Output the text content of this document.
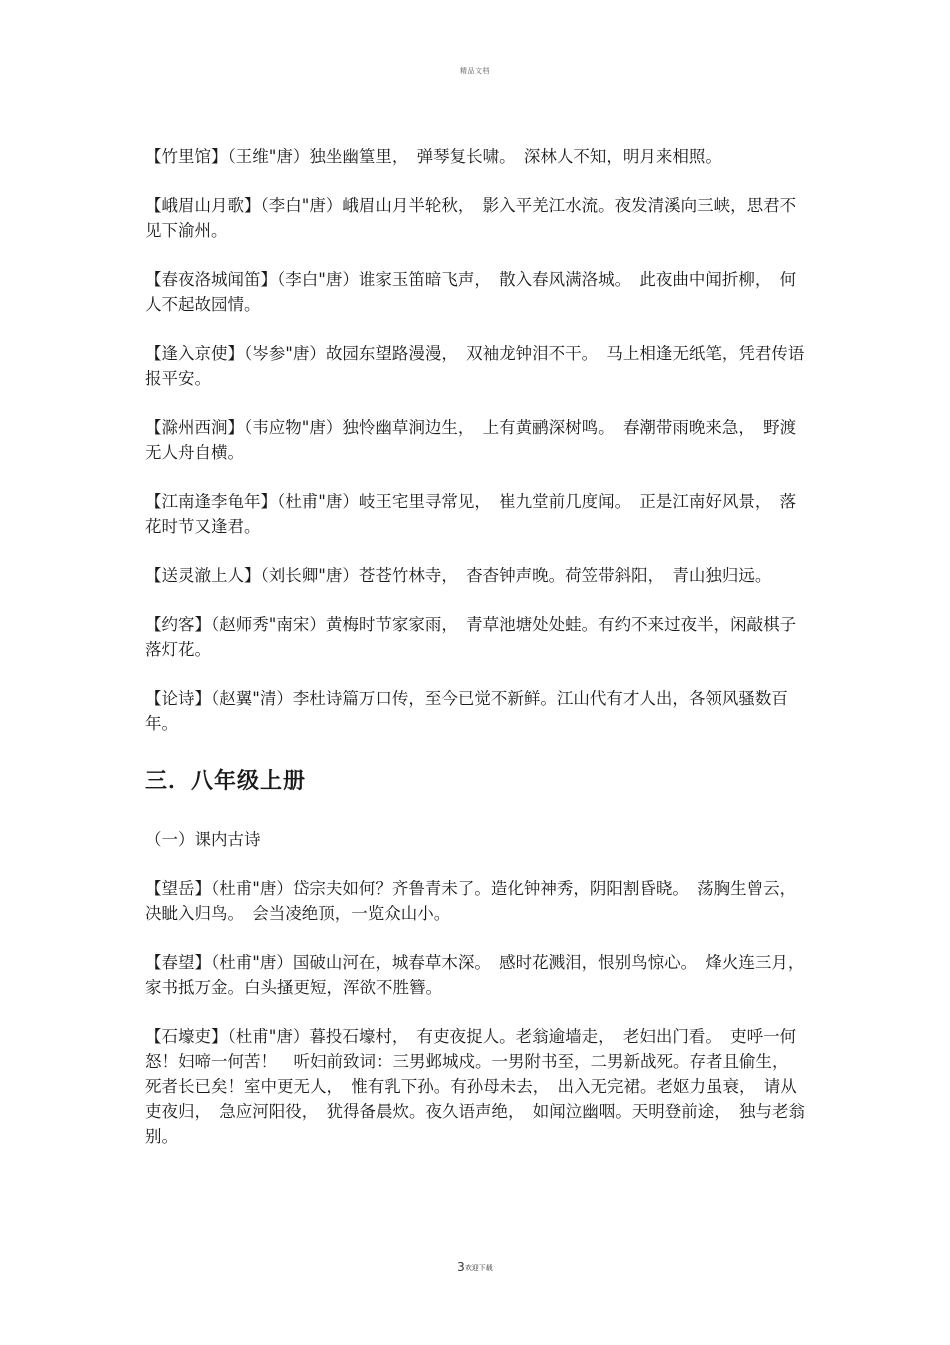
精品文档

【竹里馆】（王维"唐）独坐幽篁里，　弹琴复长啸。　深林人不知，明月来相照。

【峨眉山月歌】（李白"唐）峨眉山月半轮秋，　影入平羌江水流。夜发清溪向三峡，思君不见下渝州。

【春夜洛城闻笛】（李白"唐）谁家玉笛暗飞声，　散入春风满洛城。　此夜曲中闻折柳，　何人不起故园情。

【逢入京使】（岑参"唐）故园东望路漫漫，　双袖龙钟泪不干。　马上相逢无纸笔，凭君传语报平安。

【滁州西涧】（韦应物"唐）独怜幽草涧边生，　上有黄鹂深树鸣。　春潮带雨晚来急，　野渡无人舟自横。

【江南逢李龟年】（杜甫"唐）岐王宅里寻常见，　崔九堂前几度闻。　正是江南好风景，　落花时节又逢君。

【送灵澈上人】（刘长卿"唐）苍苍竹林寺，　杳杳钟声晚。荷笠带斜阳，　青山独归远。

【约客】（赵师秀"南宋）黄梅时节家家雨，　青草池塘处处蛙。有约不来过夜半，闲敲棋子落灯花。

【论诗】（赵翼"清）李杜诗篇万口传，至今已觉不新鲜。江山代有才人出，各领风骚数百年。

三．八年级上册

（一）课内古诗

【望岳】（杜甫"唐）岱宗夫如何？齐鲁青未了。造化钟神秀，阴阳割昏晓。　荡胸生曾云，决眦入归鸟。　会当凌绝顶，一览众山小。

【春望】（杜甫"唐）国破山河在，城春草木深。　感时花溅泪，恨别鸟惊心。　烽火连三月，家书抵万金。白头搔更短，浑欲不胜簪。

【石壕吏】（杜甫"唐）暮投石壕村，　有吏夜捉人。老翁逾墙走，　老妇出门看。　吏呼一何怒！妇啼一何苦！　听妇前致词：三男邺城戍。一男附书至，二男新战死。存者且偷生，　死者长已矣！室中更无人，　惟有乳下孙。有孙母未去，　出入无完裙。老妪力虽衰，　请从吏夜归，　急应河阳役，　犹得备晨炊。夜久语声绝，　如闻泣幽咽。天明登前途，　独与老翁别。

3欢迎下载
